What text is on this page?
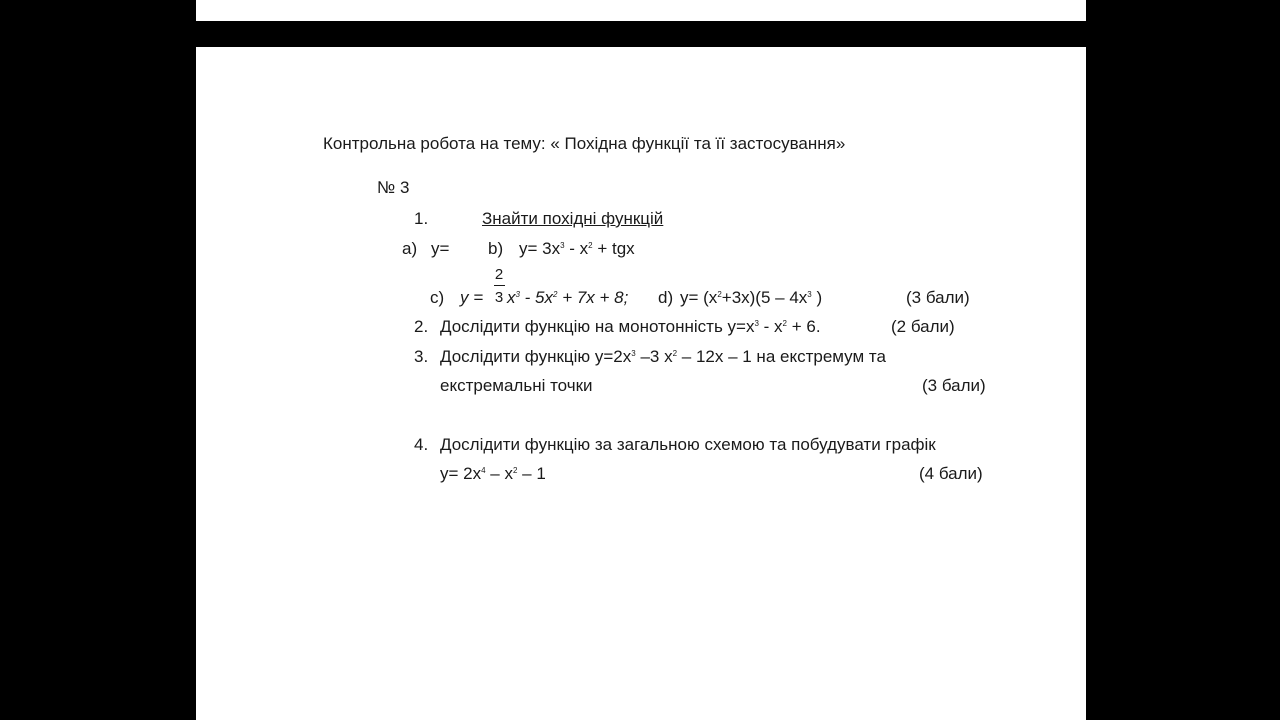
Контрольна робота на тему: « Похідна функції та її застосування»
№ 3
1.	Знайти похідні функцій
а) y= b) $y= 3x^3 - x^2$ + tgx
c) y =
2
3 $x^3 - 5x^2 + 7x + 8$; d) $y= (x^2+3x)(5 - 4x^3$ )	(3 бали)
2. Дослідити функцію на монотонність $y=x^3 - x^2 + 6$.	(2 бали)
3. Дослідити функцію $y=2x^3$ –3 $x^2 - 12x - 1$ на екстремум та
екстремальні точки	(3 бали)
4. Дослідити функцію за загальною схемою та побудувати графік
$y= 2x^4 - x^2 - 1$	(4 бали)
